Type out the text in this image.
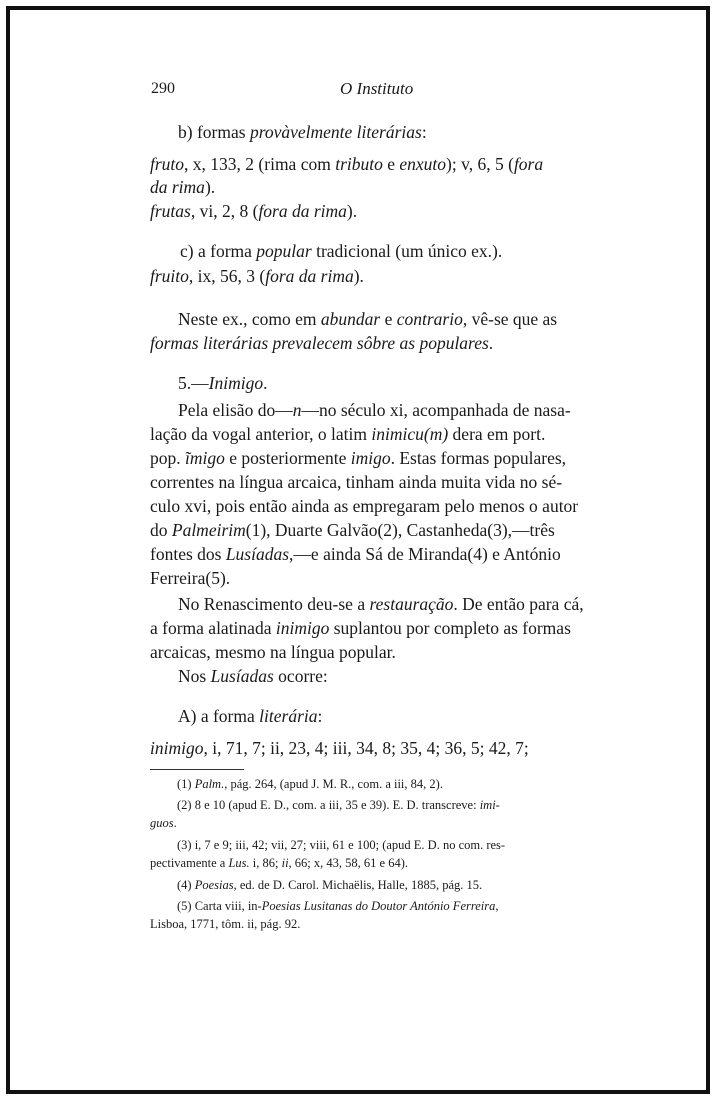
290	O Instituto
b) formas provàvelmente literárias:
fruto, x, 133, 2 (rima com tributo e enxuto); v, 6, 5 (fora
da rima).
frutas, vi, 2, 8 (fora da rima).
c) a forma popular tradicional (um único ex.).
fruito, ix, 56, 3 (fora da rima).
Neste ex., como em abundar e contrario, vê-se que as
formas literárias prevalecem sôbre as populares.
5.—Inimigo.
Pela elisão do—n—no século xi, acompanhada de nasa-
lação da vogal anterior, o latim inimicu(m) dera em port.
pop. ĩmigo e posteriormente imigo. Estas formas populares,
correntes na língua arcaica, tinham ainda muita vida no sé-
culo xvi, pois então ainda as empregaram pelo menos o autor
do Palmeirim(1), Duarte Galvão(2), Castanheda(3),—três
fontes dos Lusíadas,—e ainda Sá de Miranda(4) e António
Ferreira(5).
No Renascimento deu-se a restauração. De então para cá,
a forma alatinada inimigo suplantou por completo as formas
arcaicas, mesmo na língua popular.
Nos Lusíadas ocorre:
A) a forma literária:
inimigo, i, 71, 7; ii, 23, 4; iii, 34, 8; 35, 4; 36, 5; 42, 7;
(1) Palm., pág. 264, (apud J. M. R., com. a iii, 84, 2).
(2) 8 e 10 (apud E. D., com. a iii, 35 e 39). E. D. transcreve: imi-
guos.
(3) i, 7 e 9; iii, 42; vii, 27; viii, 61 e 100; (apud E. D. no com. res-
pectivamente a Lus. i, 86; ii, 66; x, 43, 58, 61 e 64).
(4) Poesias, ed. de D. Carol. Michaëlis, Halle, 1885, pág. 15.
(5) Carta viii, in-Poesias Lusitanas do Doutor António Ferreira,
Lisboa, 1771, tôm. ii, pág. 92.
